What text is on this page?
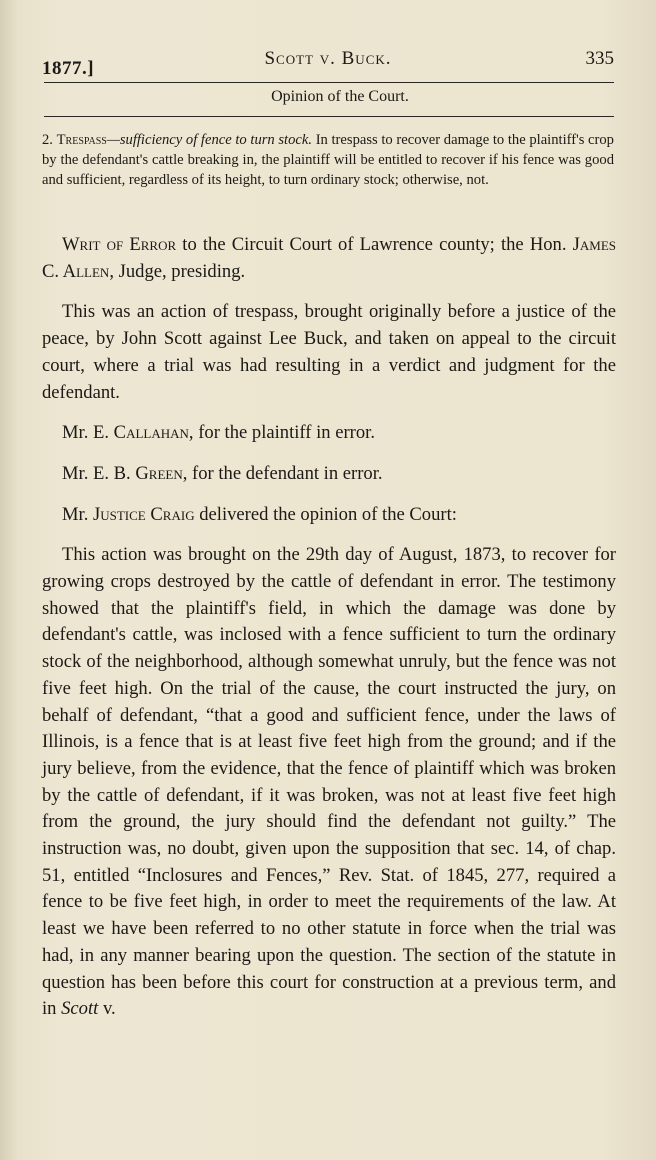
1877.]	Scott v. Buck.	335
Opinion of the Court.
2. Trespass—sufficiency of fence to turn stock. In trespass to recover damage to the plaintiff's crop by the defendant's cattle breaking in, the plaintiff will be entitled to recover if his fence was good and sufficient, regardless of its height, to turn ordinary stock; otherwise, not.

Writ of Error to the Circuit Court of Lawrence county; the Hon. James C. Allen, Judge, presiding.

This was an action of trespass, brought originally before a justice of the peace, by John Scott against Lee Buck, and taken on appeal to the circuit court, where a trial was had resulting in a verdict and judgment for the defendant.

Mr. E. Callahan, for the plaintiff in error.

Mr. E. B. Green, for the defendant in error.

Mr. Justice Craig delivered the opinion of the Court:

This action was brought on the 29th day of August, 1873, to recover for growing crops destroyed by the cattle of defendant in error. The testimony showed that the plaintiff's field, in which the damage was done by defendant's cattle, was inclosed with a fence sufficient to turn the ordinary stock of the neighborhood, although somewhat unruly, but the fence was not five feet high. On the trial of the cause, the court instructed the jury, on behalf of defendant, “that a good and sufficient fence, under the laws of Illinois, is a fence that is at least five feet high from the ground; and if the jury believe, from the evidence, that the fence of plaintiff which was broken by the cattle of defendant, if it was broken, was not at least five feet high from the ground, the jury should find the defendant not guilty.” The instruction was, no doubt, given upon the supposition that sec. 14, of chap. 51, entitled “Inclosures and Fences,” Rev. Stat. of 1845, 277, required a fence to be five feet high, in order to meet the requirements of the law. At least we have been referred to no other statute in force when the trial was had, in any manner bearing upon the question. The section of the statute in question has been before this court for construction at a previous term, and in Scott v.
